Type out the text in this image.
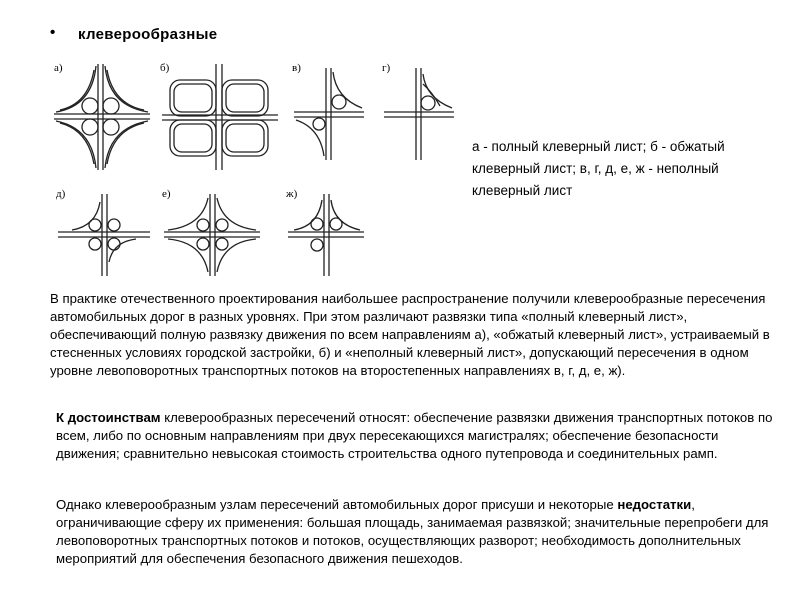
• клеверообразные
а)	б)	в)	г)
д)	е)	ж)
а - полный клеверный лист; б - обжатый клеверный лист; в, г, д, е, ж - неполный клеверный лист

В практике отечественного проектирования наибольшее распространение получили клеверообразные пересечения автомобильных дорог в разных уровнях. При этом различают развязки типа «полный клеверный лист», обеспечивающий полную развязку движения по всем направлениям а), «обжатый клеверный лист», устраиваемый в стесненных условиях городской застройки, б) и «неполный клеверный лист», допускающий пересечения в одном уровне левоповоротных транспортных потоков на второстепенных направлениях в, г, д, е, ж).

К достоинствам клеверообразных пересечений относят: обеспечение развязки движения транспортных потоков по всем, либо по основным направлениям при двух пересекающихся магистралях; обеспечение безопасности движения; сравнительно невысокая стоимость строительства одного путепровода и соединительных рамп.

Однако клеверообразным узлам пересечений автомобильных дорог присуши и некоторые недостатки, ограничивающие сферу их применения: большая площадь, занимаемая развязкой; значительные перепробеги для левоповоротных транспортных потоков и потоков, осуществляющих разворот; необходимость дополнительных мероприятий для обеспечения безопасного движения пешеходов.
